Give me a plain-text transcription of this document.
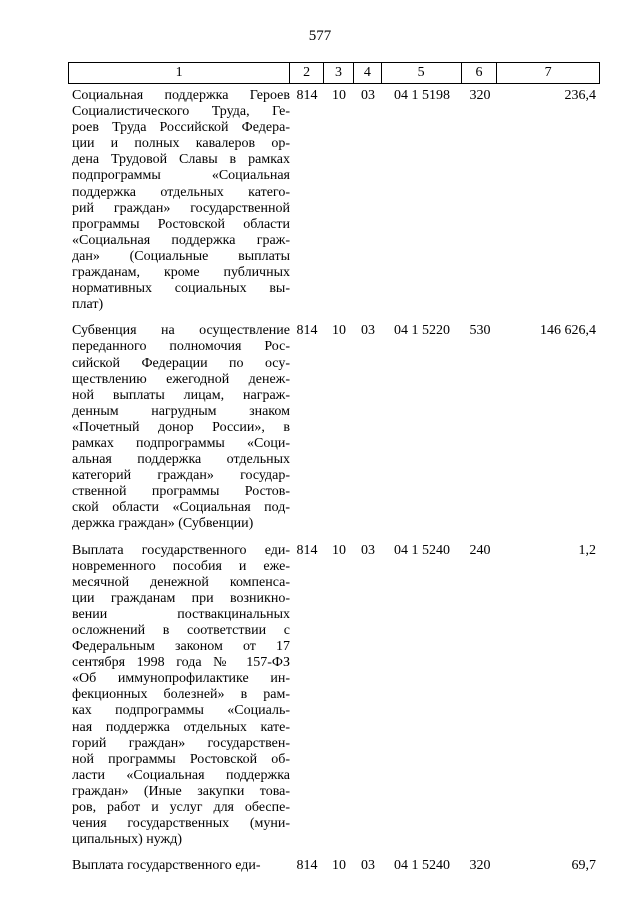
577
1	2	3	4	5	6	7
Социальная поддержка Героев
Социалистического Труда, Ге-
роев Труда Российской Федера-
ции и полных кавалеров ор-
дена Трудовой Славы в рамках
подпрограммы «Социальная
поддержка отдельных катего-
рий граждан» государственной
программы Ростовской области
«Социальная поддержка граж-
дан» (Социальные выплаты
гражданам, кроме публичных
нормативных социальных вы-
плат)
814	10	03	04 1 5198	320	236,4
Субвенция на осуществление
переданного полномочия Рос-
сийской Федерации по осу-
ществлению ежегодной денеж-
ной выплаты лицам, награж-
денным нагрудным знаком
«Почетный донор России», в
рамках подпрограммы «Соци-
альная поддержка отдельных
категорий граждан» государ-
ственной программы Ростов-
ской области «Социальная под-
держка граждан» (Субвенции)
814	10	03	04 1 5220	530	146 626,4
Выплата государственного еди-
новременного пособия и еже-
месячной денежной компенса-
ции гражданам при возникно-
вении поствакцинальных
осложнений в соответствии с
Федеральным законом от 17
сентября 1998 года № 157-ФЗ
«Об иммунопрофилактике ин-
фекционных болезней» в рам-
ках подпрограммы «Социаль-
ная поддержка отдельных кате-
горий граждан» государствен-
ной программы Ростовской об-
ласти «Социальная поддержка
граждан» (Иные закупки това-
ров, работ и услуг для обеспе-
чения государственных (муни-
ципальных) нужд)
814	10	03	04 1 5240	240	1,2
Выплата государственного еди-	814	10	03	04 1 5240	320	69,7
